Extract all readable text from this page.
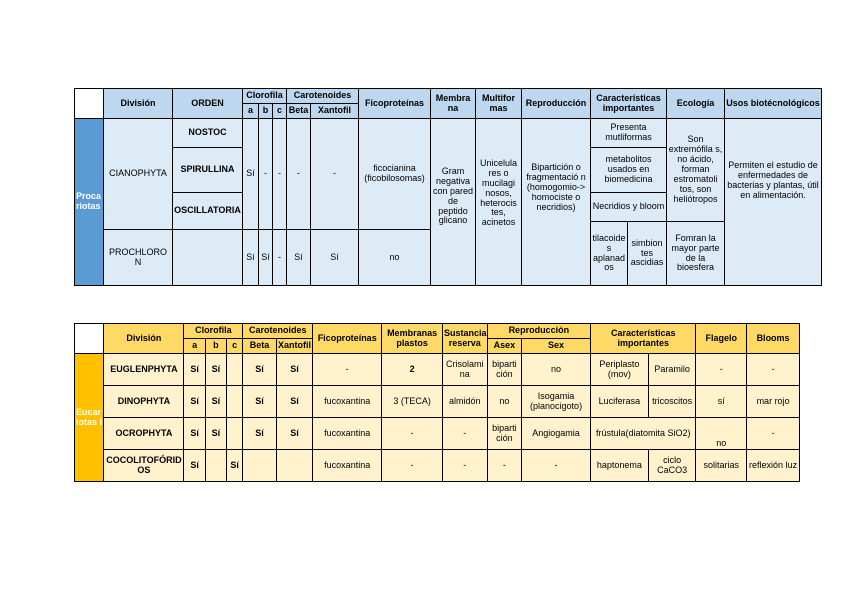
	División	ORDEN	Clorofila			Carotenoides		Ficoproteínas	Membra na	Multifor mas	Reproducción	Características importantes		Ecología	Usos biotécnológicos
			a	b	c	Beta	Xantofil								
Proca riotas	CIANOPHYTA	NOSTOC	Sí	-	-	-	-	ficocianina (ficobilosomas)	Gram negativa con pared de peptido glicano	Unicelula res o mucilagi nosos, heterocis tes, acinetos	Bipartición o fragmentació n (homogomio-> homociste o necridios)	Presenta mutliformas		Son extremófila s, no ácido, forman estromatoli tos, son heliótropos	Permiten el estudio de enfermedades de bacterias y plantas, útil en alimentación.
		SPIRULLINA										metabolitos usados en biomedicina			
		OSCILLATORIA										Necridios y bloom			
												tilacoide s aplanad os	simbion tes ascidias	Fomran la mayor parte de la bioesfera	
	PROCHLORO N		Sí	Sí	-	Sí	Sí	no							
	División	Clorofila			Carotenoides		Ficoproteínas	Membranas plastos	Sustancia reserva	Reproducción		Características importantes		Flagelo	Blooms
		a	b	c	Beta	Xantofil				Asex	Sex				
Eucar iotas I	EUGLENPHYTA	Sí	Sí		Sí	Sí	-	2	Crisolami na	biparti ción	no	Periplasto (mov)	Paramilo	-	-
	DINOPHYTA	Sí	Sí		Sí	Sí	fucoxantina	3 (TECA)	almidón	no	Isogamia (planocigoto)	Luciferasa	tricoscitos	sí	mar rojo
	OCROPHYTA	Sí	Sí		Sí	Sí	fucoxantina	-	-	biparti ción	Angiogamia	frústula(diatomita SiO2)		no	-
	COCOLITOFÓRID OS	Sí		Sí			fucoxantina	-	-	-	-	haptonema	ciclo CaCO3	solitarias	reflexión luz
